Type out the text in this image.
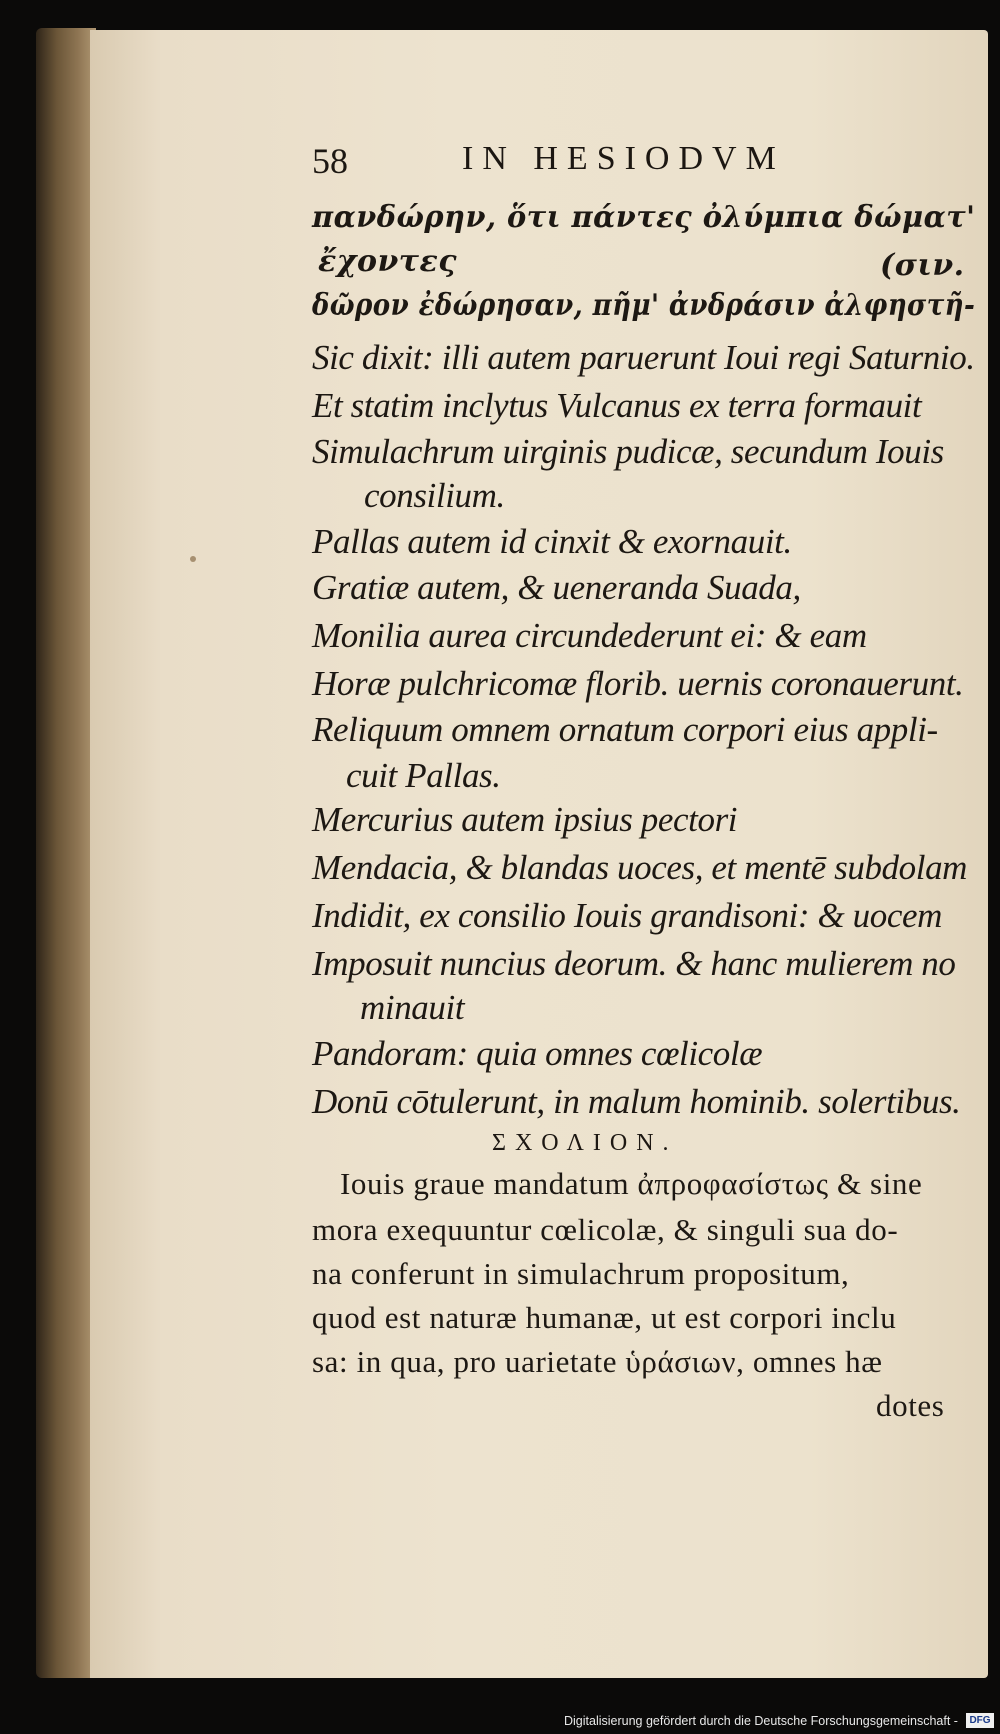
58	IN HESIODVM
πανδώρην, ὅτι πάντες ὀλύμπια δώματ'
ἔχοντες	(σιν.
δῶρον ἐδώρησαν, πῆμ' ἀνδράσιν ἀλφηστῆ-
Sic dixit: illi autem paruerunt Ioui regi Saturnio.
Et statim inclytus Vulcanus ex terra formauit
Simulachrum uirginis pudicæ, secundum Iouis
consilium.
Pallas autem id cinxit & exornauit.
Gratiæ autem, & ueneranda Suada,
Monilia aurea circundederunt ei: & eam
Horæ pulchricomæ florib. uernis coronauerunt.
Reliquum omnem ornatum corpori eius appli-
cuit Pallas.
Mercurius autem ipsius pectori
Mendacia, & blandas uoces, et mentē subdolam
Indidit, ex consilio Iouis grandisoni: & uocem
Imposuit nuncius deorum. & hanc mulierem no
minauit
Pandoram: quia omnes cœlicolæ
Donū cōtulerunt, in malum hominib. solertibus.
ΣΧΟΛΙΟΝ.
Iouis graue mandatum ἀπροφασίστως & sine
mora exequuntur cœlicolæ, & singuli sua do-
na conferunt in simulachrum propositum,
quod est naturæ humanæ, ut est corpori inclu
sa: in qua, pro uarietate ὑράσιων, omnes hæ
dotes
Digitalisierung gefördert durch die Deutsche Forschungsgemeinschaft -	DFG
